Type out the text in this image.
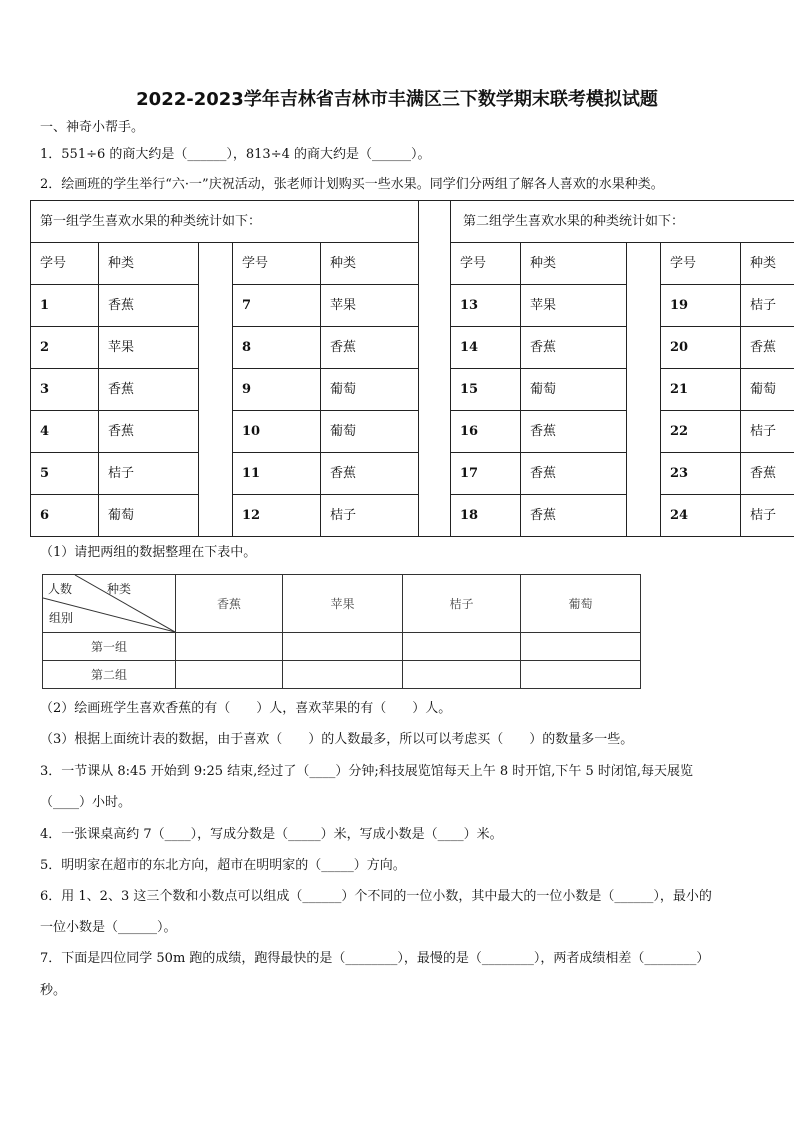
2022-2023学年吉林省吉林市丰满区三下数学期末联考模拟试题
一、神奇小帮手。
1．551÷6 的商大约是（______），813÷4 的商大约是（______）。
2．绘画班的学生举行“六·一”庆祝活动，张老师计划购买一些水果。同学们分两组了解各人喜欢的水果种类。
第一组学生喜欢水果的种类统计如下：						第二组学生喜欢水果的种类统计如下：				
学号	种类		学号	种类		学号	种类		学号	种类
1	香蕉		7	苹果		13	苹果		19	桔子
2	苹果		8	香蕉		14	香蕉		20	香蕉
3	香蕉		9	葡萄		15	葡萄		21	葡萄
4	香蕉		10	葡萄		16	香蕉		22	桔子
5	桔子		11	香蕉		17	香蕉		23	香蕉
6	葡萄		12	桔子		18	香蕉		24	桔子
（1）请把两组的数据整理在下表中。
人数 种类
组别	香蕉	苹果	桔子	葡萄
第一组				
第二组				
（2）绘画班学生喜欢香蕉的有（　　）人，喜欢苹果的有（　　）人。
（3）根据上面统计表的数据，由于喜欢（　　）的人数最多，所以可以考虑买（　　）的数量多一些。
3．一节课从 8:45 开始到 9:25 结束,经过了（____）分钟;科技展览馆每天上午 8 时开馆,下午 5 时闭馆,每天展览
（____）小时。
4．一张课桌高约 7（____），写成分数是（_____）米，写成小数是（____）米。
5．明明家在超市的东北方向，超市在明明家的（_____）方向。
6．用 1、2、3 这三个数和小数点可以组成（______）个不同的一位小数，其中最大的一位小数是（______），最小的
一位小数是（______）。
7．下面是四位同学 50m 跑的成绩，跑得最快的是（________），最慢的是（________），两者成绩相差（________）
秒。
